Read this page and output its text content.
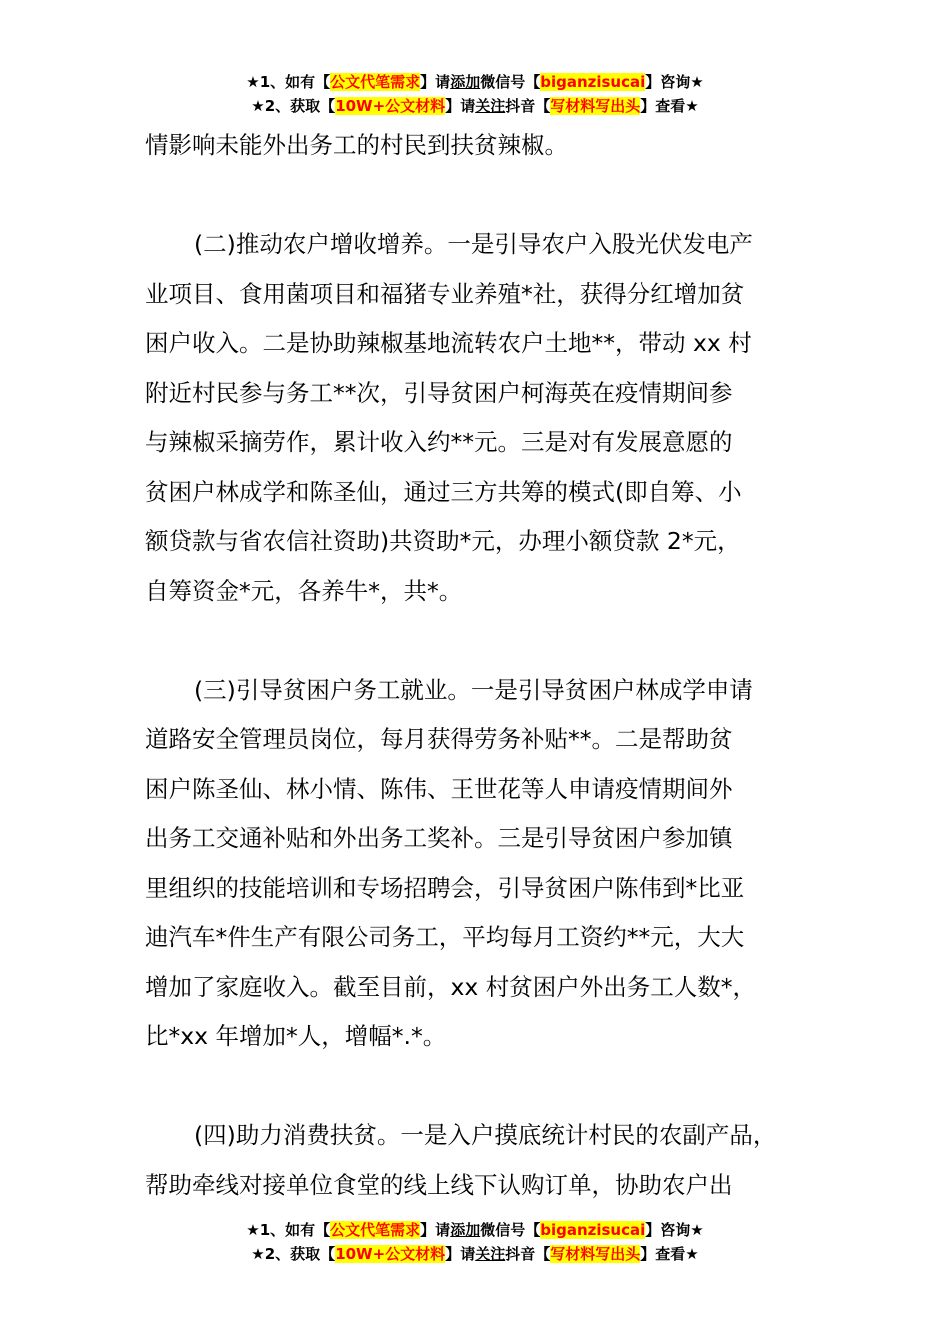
★1、如有【公文代笔需求】请添加微信号【biganzisucai】咨询★
★2、获取【10W+公文材料】请关注抖音【写材料写出头】查看★
情影响未能外出务工的村民到扶贫辣椒。
(二)推动农户增收增养。一是引导农户入股光伏发电产
业项目、食用菌项目和福猪专业养殖*社，获得分红增加贫
困户收入。二是协助辣椒基地流转农户土地**，带动 xx 村
附近村民参与务工**次，引导贫困户柯海英在疫情期间参
与辣椒采摘劳作，累计收入约**元。三是对有发展意愿的
贫困户林成学和陈圣仙，通过三方共筹的模式(即自筹、小
额贷款与省农信社资助)共资助*元，办理小额贷款 2*元，
自筹资金*元，各养牛*，共*。
(三)引导贫困户务工就业。一是引导贫困户林成学申请
道路安全管理员岗位，每月获得劳务补贴**。二是帮助贫
困户陈圣仙、林小情、陈伟、王世花等人申请疫情期间外
出务工交通补贴和外出务工奖补。三是引导贫困户参加镇
里组织的技能培训和专场招聘会，引导贫困户陈伟到*比亚
迪汽车*件生产有限公司务工，平均每月工资约**元，大大
增加了家庭收入。截至目前，xx 村贫困户外出务工人数*，
比*xx 年增加*人，增幅*.*。
(四)助力消费扶贫。一是入户摸底统计村民的农副产品，
帮助牵线对接单位食堂的线上线下认购订单，协助农户出
★1、如有【公文代笔需求】请添加微信号【biganzisucai】咨询★
★2、获取【10W+公文材料】请关注抖音【写材料写出头】查看★
